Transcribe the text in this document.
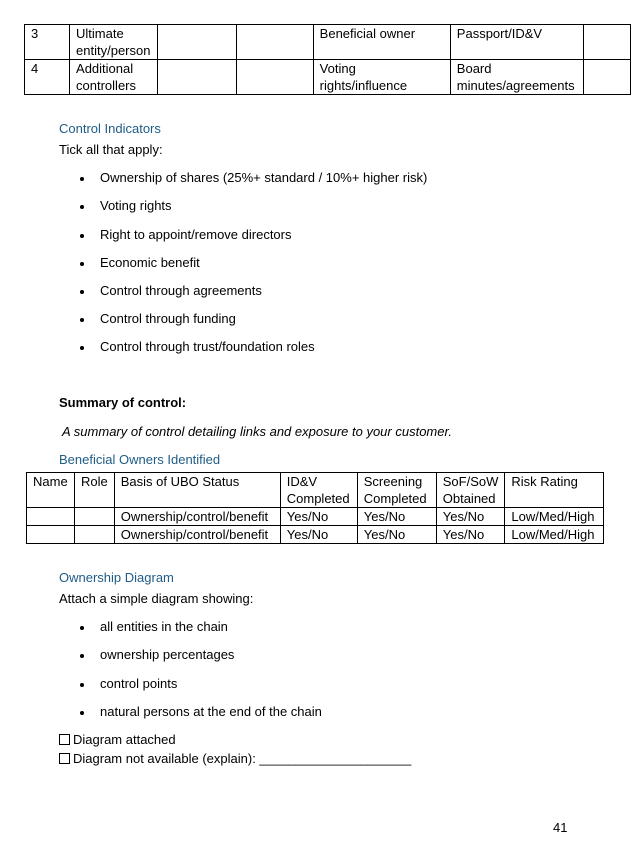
3	Ultimate entity/person			Beneficial owner	Passport/ID&V	
4	Additional controllers			Voting rights/influence	Board minutes/agreements	
Control Indicators
Tick all that apply:
Ownership of shares (25%+ standard / 10%+ higher risk)
Voting rights
Right to appoint/remove directors
Economic benefit
Control through agreements
Control through funding
Control through trust/foundation roles
Summary of control:
A summary of control detailing links and exposure to your customer.
Beneficial Owners Identified
Name	Role	Basis of UBO Status	ID&V Completed	Screening Completed	SoF/SoW Obtained	Risk Rating
		Ownership/control/benefit	Yes/No	Yes/No	Yes/No	Low/Med/High
		Ownership/control/benefit	Yes/No	Yes/No	Yes/No	Low/Med/High
Ownership Diagram
Attach a simple diagram showing:
all entities in the chain
ownership percentages
control points
natural persons at the end of the chain
Diagram attached
Diagram not available (explain): _____________________
41
